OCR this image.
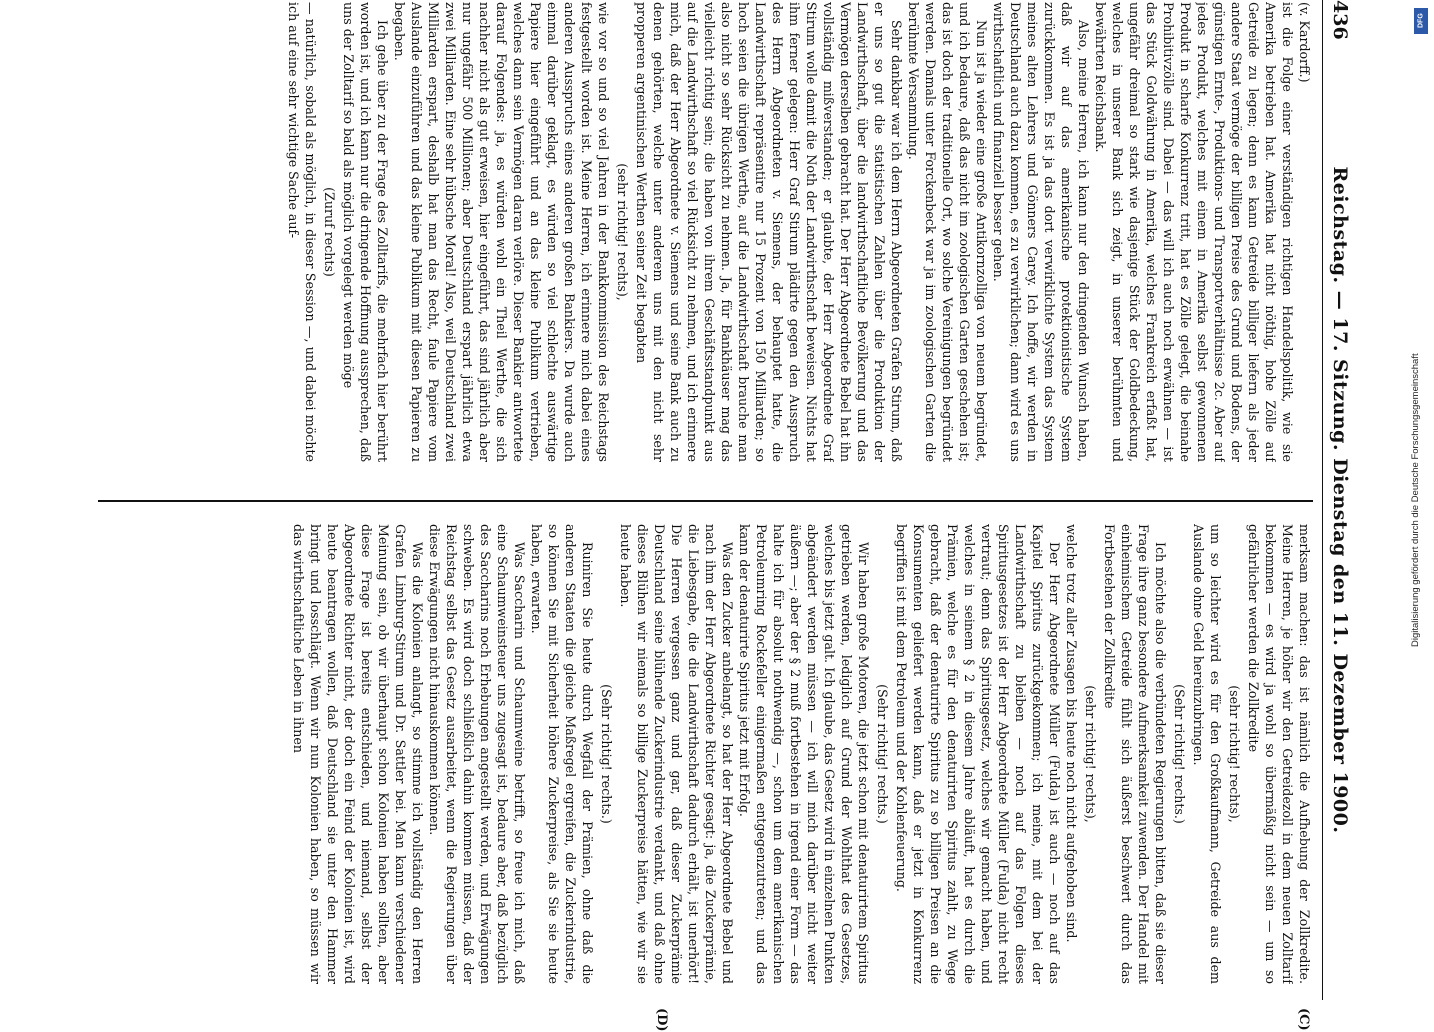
436
Reichstag. — 17. Sitzung. Dienstag den 11. Dezember 1900.
(C)
(D)

(v. Kardorff.)

ist die Folge einer verständigen richtigen Handelspolitik, wie sie Amerika betrieben hat. Amerika hat nicht nöthig, hohe Zölle auf Getreide zu legen; denn es kann Getreide billiger liefern als jeder andere Staat vermöge der billigen Preise des Grund und Bodens, der günstigen Ernte-, Produktions- und Transportverhältnisse 2c. Aber auf jedes Produkt, welches mit einem in Amerika selbst gewonnenen Produkt in scharfe Konkurrenz tritt, hat es Zölle gelegt, die beinahe Prohibitivzölle sind. Dabei — das will ich auch noch erwähnen — ist das Stück Goldwährung in Amerika, welches Frankreich erfaßt hat, ungefähr dreimal so stark wie dasjenige Stück der Goldbedeckung, welches in unserer Bank sich zeigt, in unserer berühmten und bewährten Reichsbank.

Also, meine Herren, ich kann nur den dringenden Wunsch haben, daß wir auf das amerikanische protektionistische System zurückkommen. Es ist ja das dort verwirklichte System das System meines alten Lehrers und Gönners Carey. Ich hoffe, wir werden in Deutschland auch dazu kommen, es zu verwirklichen; dann wird es uns wirthschaftlich und finanziell besser gehen.

Nun ist ja wieder eine große Antikornzolliga von neuem begründet, und ich bedaure, daß das nicht im zoologischen Garten geschehen ist; das ist doch der traditionelle Ort, wo solche Vereinigungen begründet werden. Damals unter Forckenbeck war ja im zoologischen Garten die berühmte Versammlung.

Sehr dankbar war ich dem Herrn Abgeordneten Grafen Stirum, daß er uns so gut die statistischen Zahlen über die Produktion der Landwirthschaft, über die landwirthschaftliche Bevölkerung und das Vermögen derselben gebracht hat. Der Herr Abgeordnete Bebel hat ihn vollständig mißverstanden; er glaubte, der Herr Abgeordnete Graf Stirum wolle damit die Noth der Landwirthschaft beweisen. Nichts hat ihm ferner gelegen: Herr Graf Stirum plädirte gegen den Ausspruch des Herrn Abgeordneten v. Siemens, der behauptet hatte, die Landwirthschaft repräsentire nur 15 Prozent von 150 Milliarden; so hoch seien die übrigen Werthe, auf die Landwirthschaft brauche man also nicht so sehr Rücksicht zu nehmen. Ja, für Bankhäuser mag das vielleicht richtig sein; die haben von ihrem Geschäftsstandpunkt aus auf die Landwirthschaft so viel Rücksicht zu nehmen, und ich erinnere mich, daß der Herr Abgeordnete v. Siemens und seine Bank auch zu denen gehörten, welche unter anderem uns mit den nicht sehr propperen argentinischen Werthen seiner Zeit begabten

(sehr richtig! rechts),

wie vor so und so viel Jahren in der Bankkommission des Reichstags festgestellt worden ist. Meine Herren, ich erinnere mich dabei eines anderen Ausspruchs eines anderen großen Bankiers. Da wurde auch einmal darüber geklagt, es würden so viel schlechte auswärtige Papiere hier eingeführt und an das kleine Publikum vertrieben, welches dann sein Vermögen daran verlöre. Dieser Bankier antwortete darauf Folgendes: ja, es würden wohl ein Theil Werthe, die sich nachher nicht als gut erweisen, hier eingeführt, das sind jährlich aber nur ungefähr 500 Millionen; aber Deutschland erspart jährlich etwa zwei Milliarden. Eine sehr hübsche Moral! Also, weil Deutschland zwei Milliarden erspart, deshalb hat man das Recht, faule Papiere vom Auslande einzuführen und das kleine Publikum mit diesen Papieren zu begaben.

Ich gehe über zu der Frage des Zolltarifs, die mehrfach hier berührt worden ist, und ich kann nur die dringende Hoffnung aussprechen, daß uns der Zolltarif so bald als möglich vorgelegt werden möge

(Zuruf rechts)

— natürlich, sobald als möglich, in dieser Session —, und dabei möchte ich auf eine sehr wichtige Sache auf-

merksam machen: das ist nämlich die Aufhebung der Zollkredite. Meine Herren, je höher wir den Getreidezoll in dem neuen Zolltarif bekommen — es wird ja wohl so übermäßig nicht sein — um so gefährlicher werden die Zollkredite

(sehr richtig! rechts),

um so leichter wird es für den Großkaufmann, Getreide aus dem Auslande ohne Geld hereinzubringen.

(Sehr richtig! rechts.)

Ich möchte also die verbündeten Regierungen bitten, daß sie dieser Frage ihre ganz besondere Aufmerksamkeit zuwenden. Der Handel mit einheimischem Getreide fühlt sich äußerst beschwert durch das Fortbestehen der Zollkredite

(sehr richtig! rechts),

welche trotz aller Zusagen bis heute noch nicht aufgehoben sind.

Der Herr Abgeordnete Müller (Fulda) ist auch — noch auf das Kapitel Spiritus zurückgekommen; ich meine, mit dem bei der Landwirthschaft zu bleiben — noch auf das Folgen dieses Spiritusgesetzes ist der Herr Abgeordnete Müller (Fulda) nicht recht vertraut; denn das Spiritusgesetz, welches wir gemacht haben, und welches in seinem § 2 in diesem Jahre abläuft, hat es durch die Prämien, welche es für den denaturirten Spiritus zahlt, zu Wege gebracht, daß der denaturirte Spiritus zu so billigen Preisen an die Konsumenten geliefert werden kann, daß er jetzt in Konkurrenz begriffen ist mit dem Petroleum und der Kohlenfeuerung.

(Sehr richtig! rechts.)

Wir haben große Motoren, die jetzt schon mit denaturirtem Spiritus getrieben werden, lediglich auf Grund der Wohlthat des Gesetzes, welches bis jetzt galt. Ich glaube, das Gesetz wird in einzelnen Punkten abgeändert werden müssen — ich will mich darüber nicht weiter äußern —; aber der § 2 muß fortbestehen in irgend einer Form — das halte ich für absolut nothwendig —, schon um dem amerikanischen Petroleumring Rockefeller einigermaßen entgegenzutreten; und das kann der denaturirte Spiritus jetzt mit Erfolg.

Was den Zucker anbelangt, so hat der Herr Abgeordnete Bebel und nach ihm der Herr Abgeordnete Richter gesagt: ja, die Zuckerprämie, die Liebesgabe, die die Landwirthschaft dadurch erhält, ist unerhört! Die Herren vergessen ganz und gar, daß dieser Zuckerprämie Deutschland seine blühende Zuckerindustrie verdankt, und daß ohne dieses Blühen wir niemals so billige Zuckerpreise hätten, wie wir sie heute haben.

(Sehr richtig! rechts.)

Ruiniren Sie heute durch Wegfall der Prämien, ohne daß die anderen Staaten die gleiche Maßregel ergreifen, die Zuckerindustrie, so können Sie mit Sicherheit höhere Zuckerpreise, als Sie sie heute haben, erwarten.

Was Saccharin und Schaumweine betrifft, so freue ich mich, daß eine Schaumweinsteuer uns zugesagt ist, bedaure aber, daß bezüglich des Saccharins noch Erhebungen angestellt werden, und Erwägungen schweben. Es wird doch schließlich dahin kommen müssen, daß der Reichstag selbst das Gesetz ausarbeitet, wenn die Regierungen über diese Erwägungen nicht hinauskommen können.

Was die Kolonien anlangt, so stimme ich vollständig den Herren Grafen Limburg-Stirum und Dr. Sattler bei. Man kann verschiedener Meinung sein, ob wir überhaupt schon Kolonien haben sollten, aber diese Frage ist bereits entschieden, und niemand, selbst der Abgeordnete Richter nicht, der doch ein Feind der Kolonien ist, wird heute beantragen wollen, daß Deutschland sie unter den Hammer bringt und losschlägt. Wenn wir nun Kolonien haben, so müssen wir das wirthschaftliche Leben in ihnen

DFG
Digitalisierung gefördert durch die Deutsche Forschungsgemeinschaft
